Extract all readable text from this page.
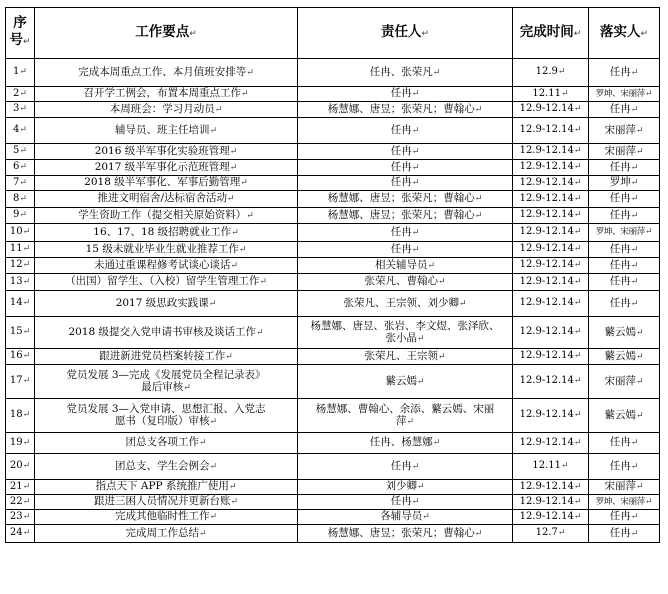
序
号↵	工作要点↵	责任人↵	完成时间↵	落实人↵
1↵	完成本周重点工作、本月值班安排等↵	任冉、张荣凡↵	12.9↵	任冉↵
2↵	召开学工例会，布置本周重点工作↵	任冉↵	12.11↵	罗坤、宋丽萍↵
3↵	本周班会：学习月动员↵	杨慧娜、唐昱；张荣凡；曹翰心↵	12.9-12.14↵	任冉↵
4↵	辅导员、班主任培训↵	任冉↵	12.9-12.14↵	宋丽萍↵
5↵	2016 级半军事化实验班管理↵	任冉↵	12.9-12.14↵	宋丽萍↵
6↵	2017 级半军事化示范班管理↵	任冉↵	12.9-12.14↵	任冉↵
7↵	2018 级半军事化、军事后勤管理↵	任冉↵	12.9-12.14↵	罗坤↵
8↵	推进文明宿舍/达标宿舍活动↵	杨慧娜、唐昱；张荣凡；曹翰心↵	12.9-12.14↵	任冉↵
9↵	学生资助工作（提交相关原始资料）↵	杨慧娜、唐昱；张荣凡；曹翰心↵	12.9-12.14↵	任冉↵
10↵	16、17、18 级招聘就业工作↵	任冉↵	12.9-12.14↵	罗坤、宋丽萍↵
11↵	15 级未就业毕业生就业推荐工作↵	任冉↵	12.9-12.14↵	任冉↵
12↵	未通过重课程修考试谈心谈话↵	相关辅导员↵	12.9-12.14↵	任冉↵
13↵	（出国）留学生、（入校）留学生管理工作↵	张荣凡、曹翰心↵	12.9-12.14↵	任冉↵
14↵	2017 级思政实践课↵	张荣凡、王宗领、刘少卿↵	12.9-12.14↵	任冉↵
15↵	2018 级提交入党申请书审核及谈话工作↵	杨慧娜、唐昱、张岩、李文煜、张泽欣、
张小晶↵	12.9-12.14↵	蘩云嫣↵
16↵	跟进新进党员档案转接工作↵	张荣凡、王宗领↵	12.9-12.14↵	蘩云嫣↵
17↵	党员发展 3—完成《发展党员全程记录表》
最后审核↵	蘩云嫣↵	12.9-12.14↵	宋丽萍↵
18↵	党员发展 3—入党申请、思想汇报、入党志
愿书（复印版）审核↵	杨慧娜、曹翰心、余添、蘩云嫣、宋丽
萍↵	12.9-12.14↵	蘩云嫣↵
19↵	团总支各项工作↵	任冉、杨慧娜↵	12.9-12.14↵	任冉↵
20↵	团总支、学生会例会↵	任冉↵	12.11↵	任冉↵
21↵	指点天下 APP 系统推广使用↵	刘少卿↵	12.9-12.14↵	宋丽萍↵
22↵	跟进三困人员情况并更新台账↵	任冉↵	12.9-12.14↵	罗坤、宋丽萍↵
23↵	完成其他临时性工作↵	各辅导员↵	12.9-12.14↵	任冉↵
24↵	完成周工作总结↵	杨慧娜、唐昱；张荣凡；曹翰心↵	12.7↵	任冉↵
